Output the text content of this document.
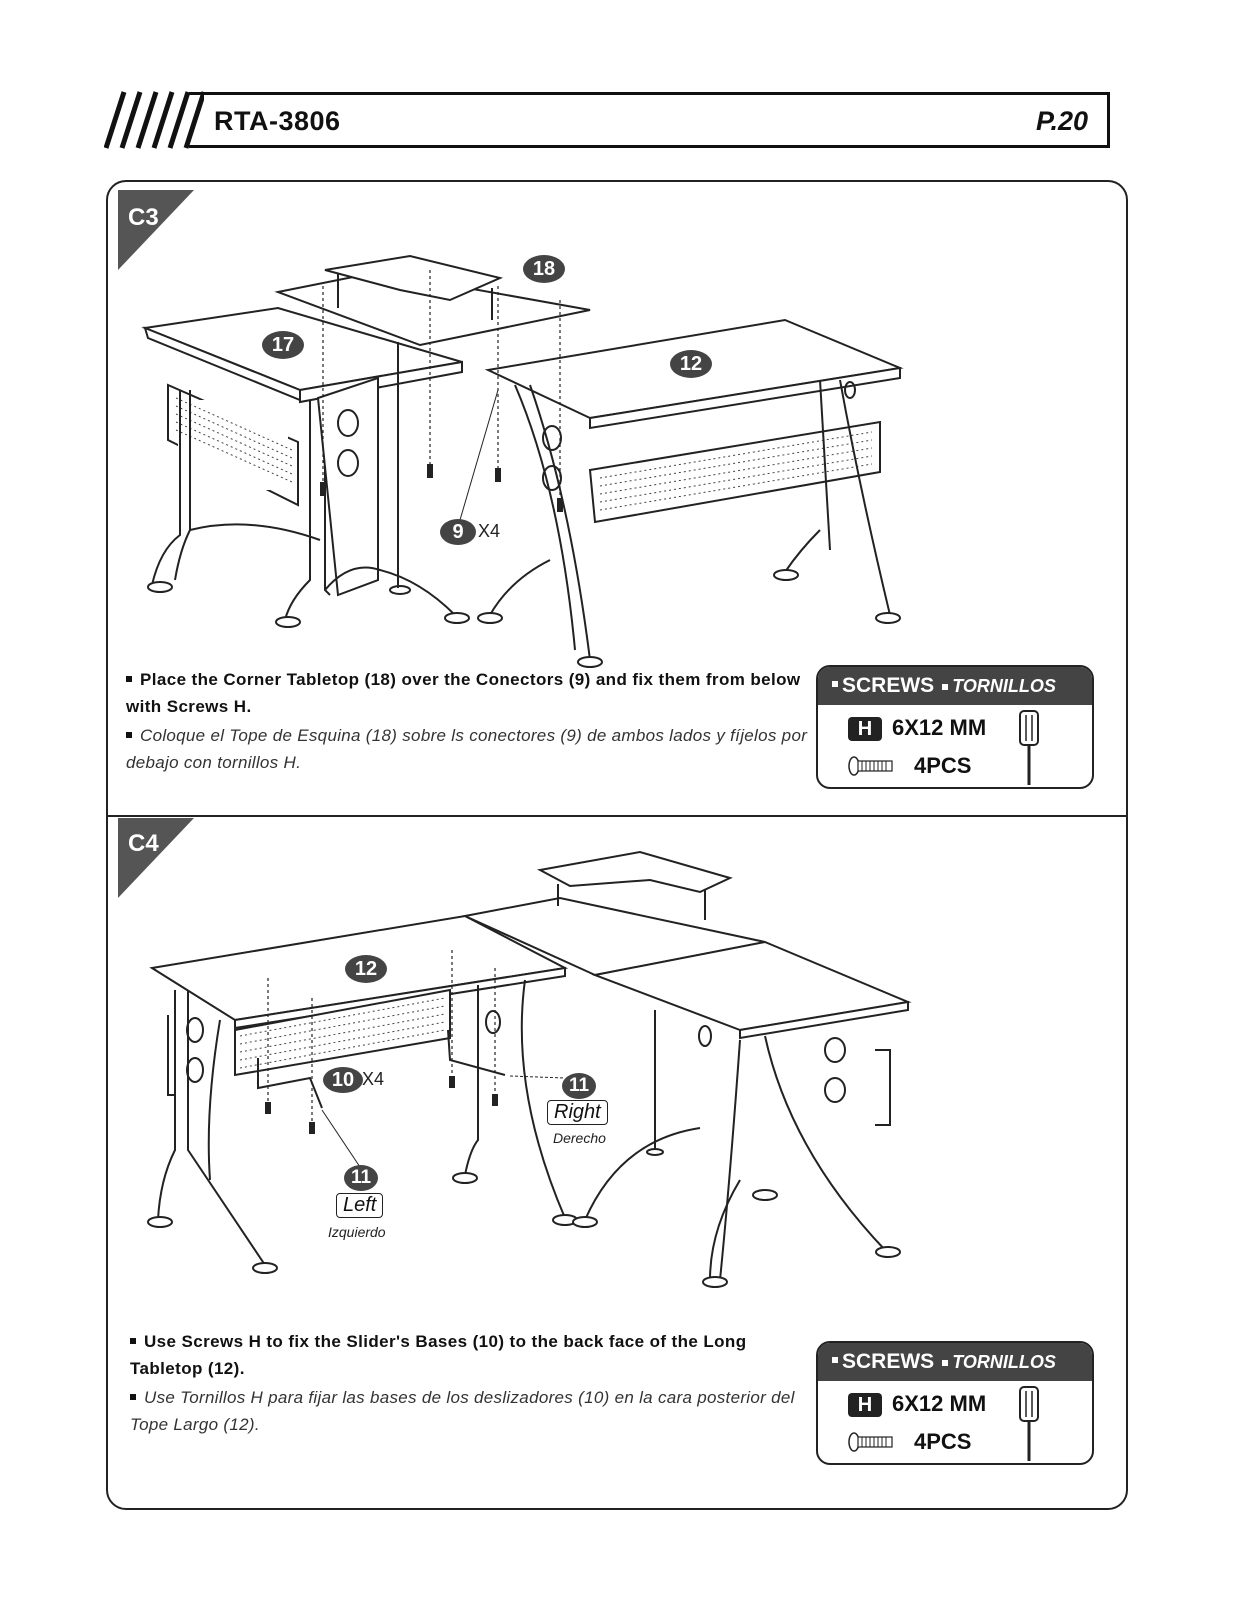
RTA-3806	P.20
C3
18
17
12
9 X4

Place the Corner Tabletop (18) over the Conectors (9) and fix them from below with Screws H.

Coloque el Tope de Esquina (18) sobre ls conectores (9) de ambos lados y fíjelos por debajo con tornillos H.

SCREWS	TORNILLOS
H 6X12 MM
4PCS
C4
12
10 X4	11
Right
Derecho
11
Left
Izquierdo

Use Screws H to fix the Slider's Bases (10) to the back face of the Long Tabletop (12).

Use Tornillos H para fijar las bases de los deslizadores (10) en la cara posterior del Tope Largo (12).

SCREWS	TORNILLOS
H 6X12 MM
4PCS
